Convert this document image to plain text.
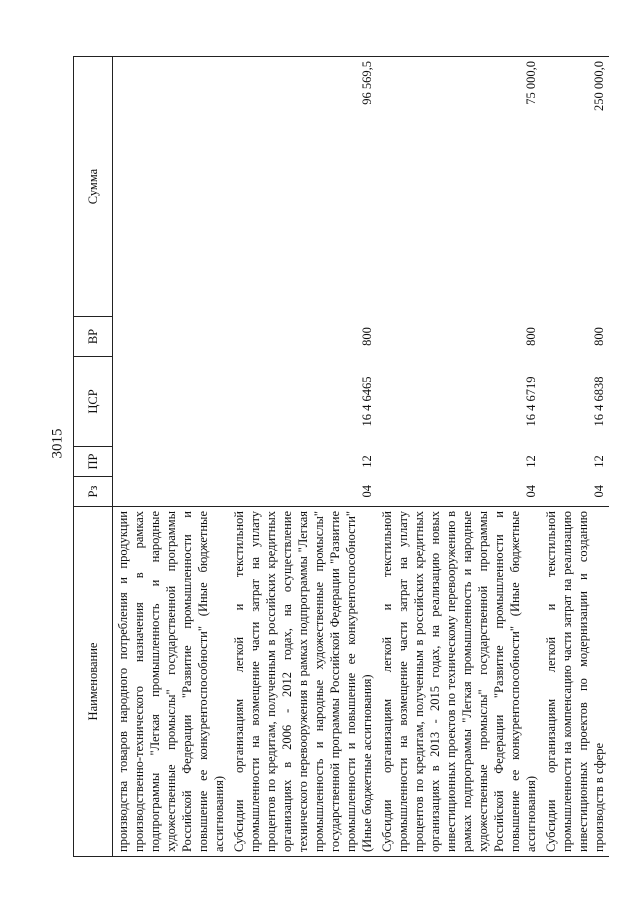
3015
Наименование	Рз	ПР	ЦСР	ВР	Сумма
производства товаров народного потребления и продукции производственно-технического назначения в рамках подпрограммы "Легкая промышленность и народные художественные промыслы" государственной программы Российской Федерации "Развитие промышленности и повышение ее конкурентоспособности" (Иные бюджетные ассигнования)					
Субсидии организациям легкой и текстильной промышленности на возмещение части затрат на уплату процентов по кредитам, полученным в российских кредитных организациях в 2006 - 2012 годах, на осуществление технического перевооружения в рамках подпрограммы "Легкая промышленность и народные художественные промыслы" государственной программы Российской Федерации "Развитие промышленности и повышение ее конкурентоспособности" (Иные бюджетные ассигнования)	04	12	16 4 6465	800	96 569,5
Субсидии организациям легкой и текстильной промышленности на возмещение части затрат на уплату процентов по кредитам, полученным в российских кредитных организациях в 2013 - 2015 годах, на реализацию новых инвестиционных проектов по техническому перевооружению в рамках подпрограммы "Легкая промышленность и народные художественные промыслы" государственной программы Российской Федерации "Развитие промышленности и повышение ее конкурентоспособности" (Иные бюджетные ассигнования)	04	12	16 4 6719	800	75 000,0
Субсидии организациям легкой и текстильной промышленности на компенсацию части затрат на реализацию инвестиционных проектов по модернизации и созданию производств в сфере	04	12	16 4 6838	800	250 000,0
